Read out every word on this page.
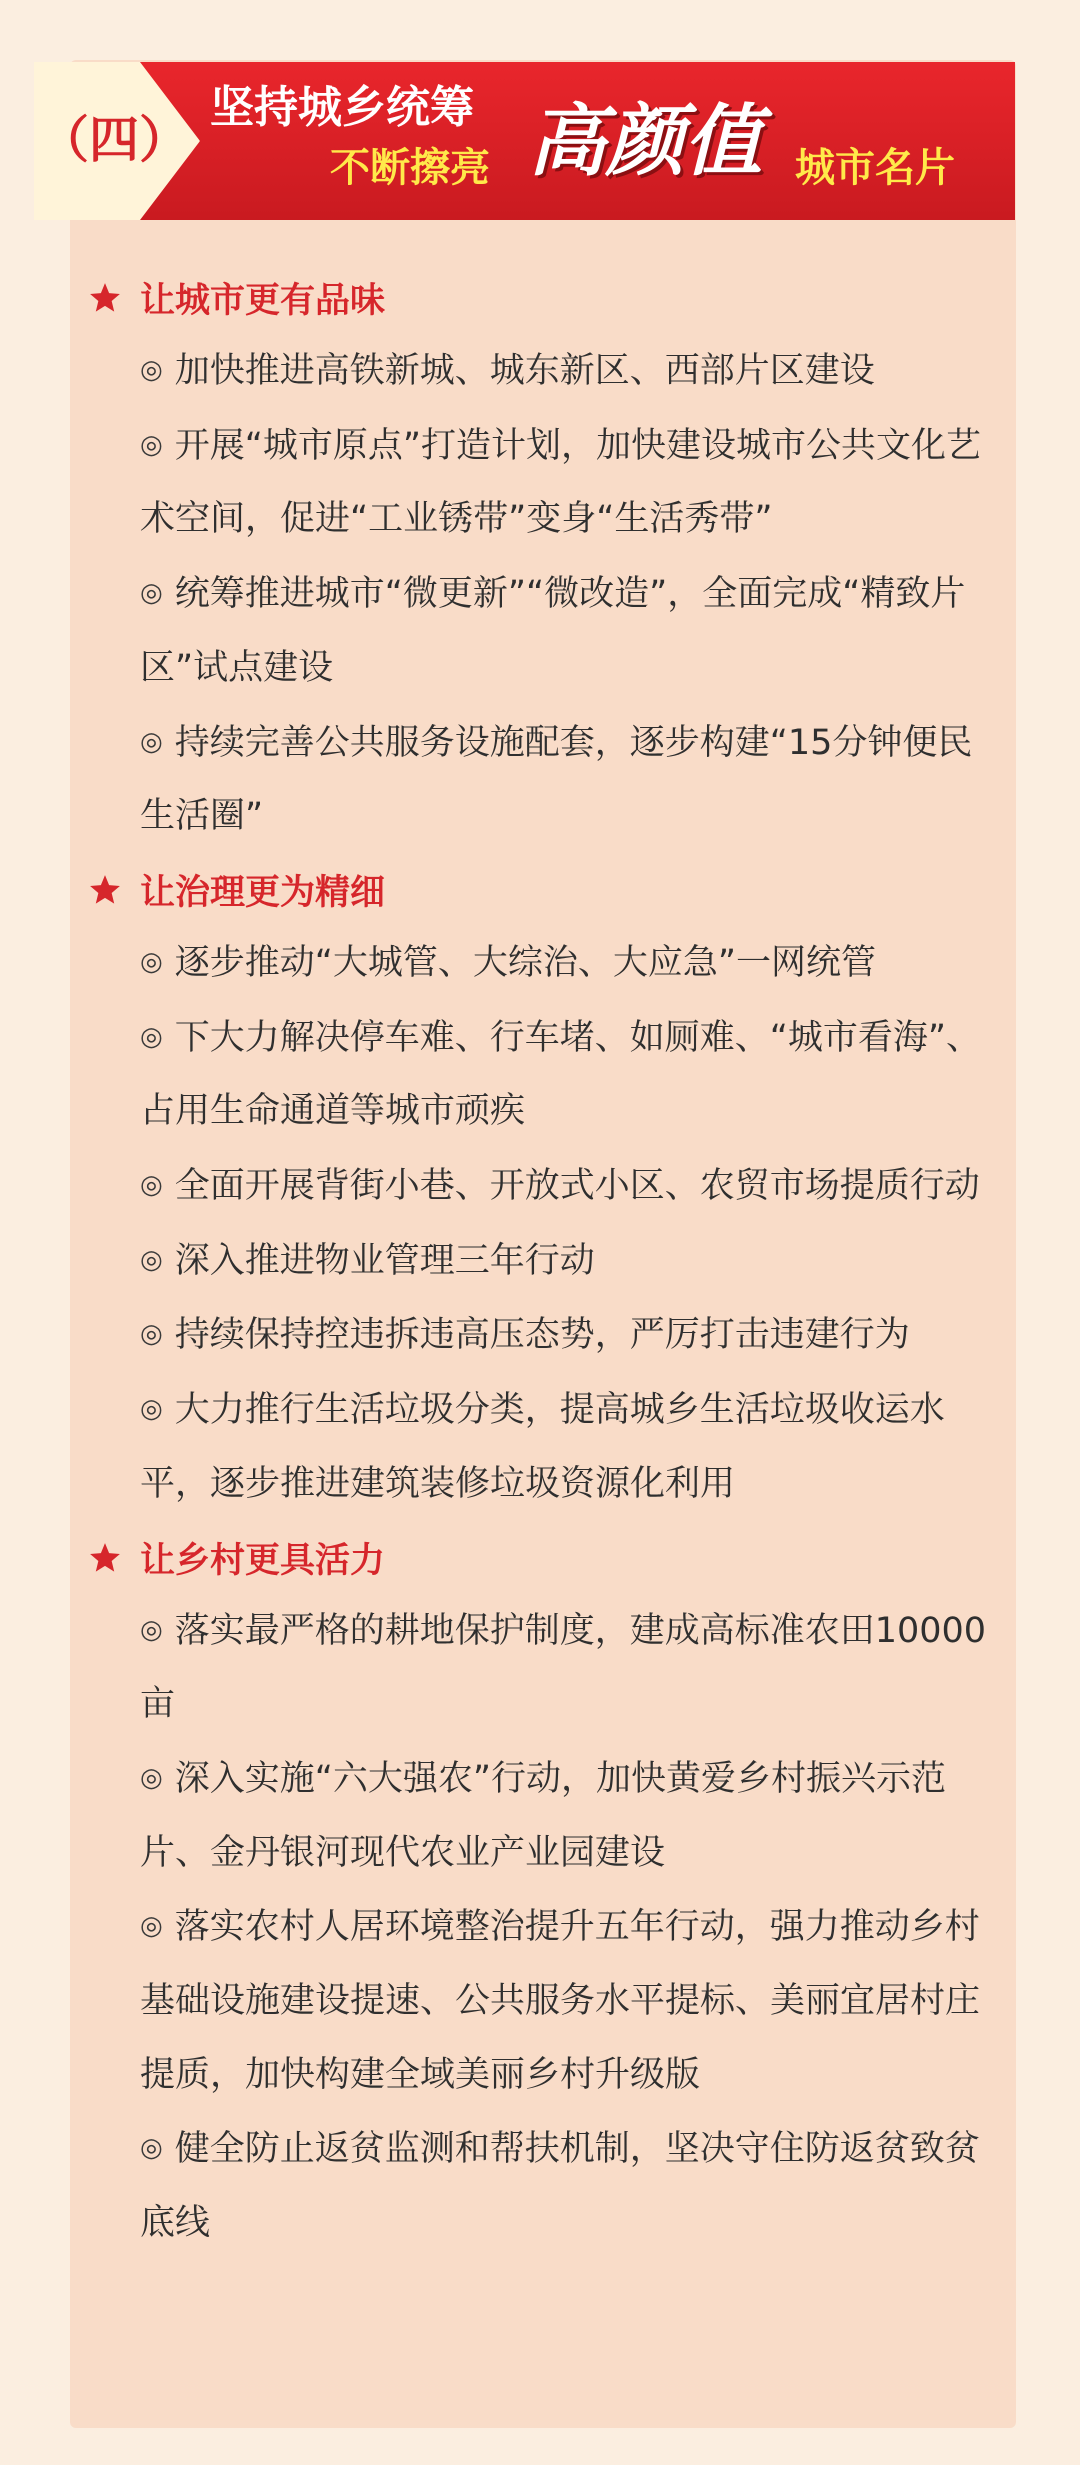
（四）
坚持城乡统筹
不断擦亮 高颜值 城市名片
让城市更有品味
◎ 加快推进高铁新城、城东新区、西部片区建设
◎ 开展“城市原点”打造计划，加快建设城市公共文化艺术空间，促进“工业锈带”变身“生活秀带”
◎ 统筹推进城市“微更新”“微改造”，全面完成“精致片区”试点建设
◎ 持续完善公共服务设施配套，逐步构建“15分钟便民生活圈”
让治理更为精细
◎ 逐步推动“大城管、大综治、大应急”一网统管
◎ 下大力解决停车难、行车堵、如厕难、“城市看海”、占用生命通道等城市顽疾
◎ 全面开展背街小巷、开放式小区、农贸市场提质行动
◎ 深入推进物业管理三年行动
◎ 持续保持控违拆违高压态势，严厉打击违建行为
◎ 大力推行生活垃圾分类，提高城乡生活垃圾收运水平，逐步推进建筑装修垃圾资源化利用
让乡村更具活力
◎ 落实最严格的耕地保护制度，建成高标准农田10000亩
◎ 深入实施“六大强农”行动，加快黄爱乡村振兴示范片、金丹银河现代农业产业园建设
◎ 落实农村人居环境整治提升五年行动，强力推动乡村基础设施建设提速、公共服务水平提标、美丽宜居村庄提质，加快构建全域美丽乡村升级版
◎ 健全防止返贫监测和帮扶机制，坚决守住防返贫致贫底线
